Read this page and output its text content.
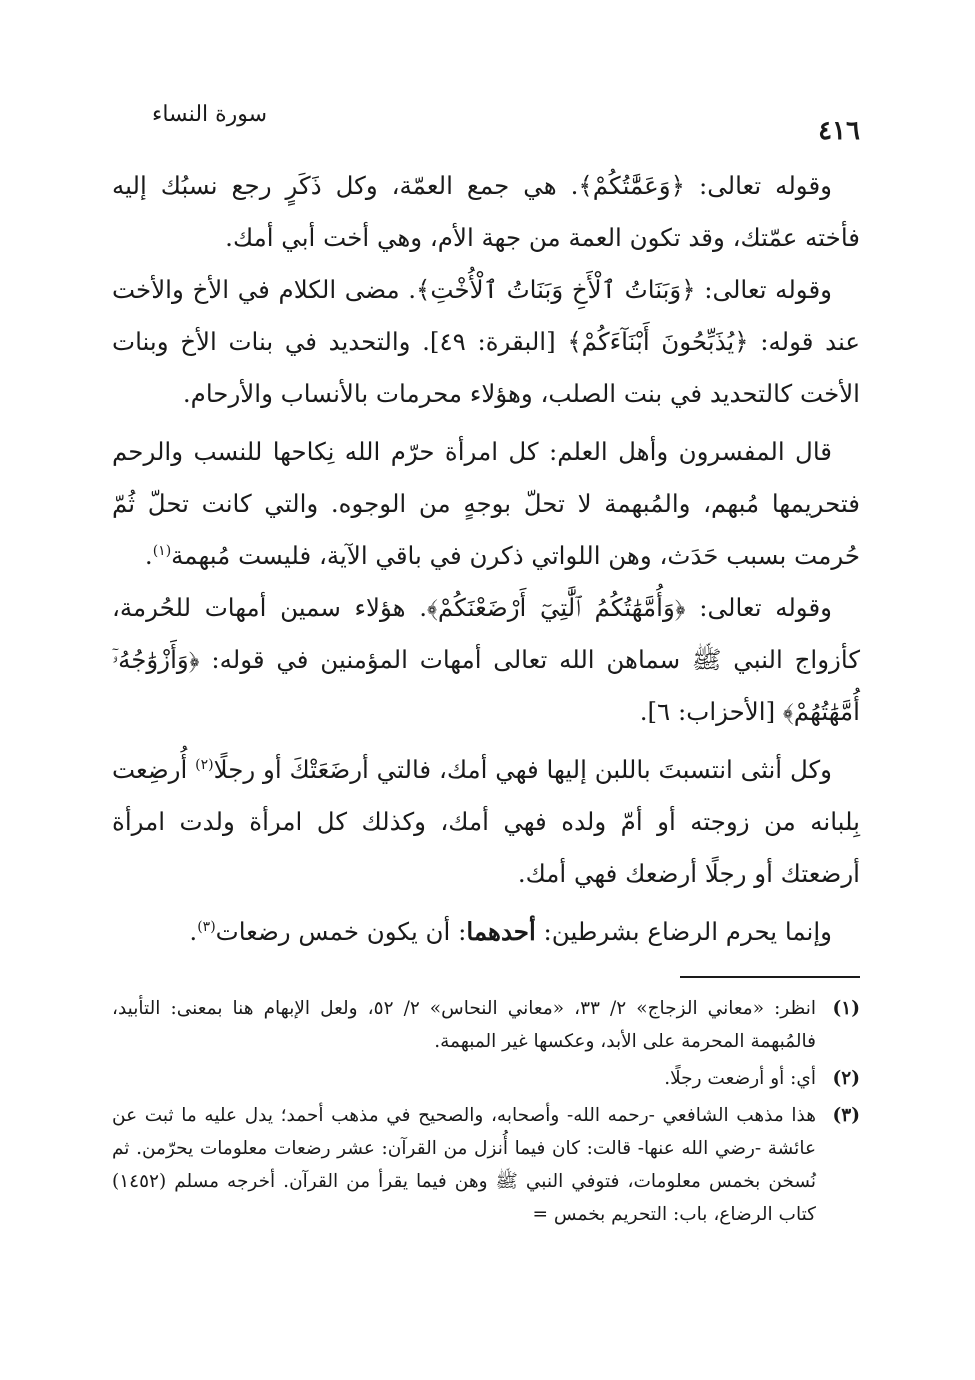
٤١٦
سورة النساء

وقوله تعالى: ﴿وَعَمَّٰتُكُمْ﴾. هي جمع العمّة، وكل ذَكَرٍ رجع نسبُك إليه فأخته عمّتك، وقد تكون العمة من جهة الأم، وهي أخت أبي أمك.

وقوله تعالى: ﴿وَبَنَاتُ ٱلْأَخِ وَبَنَاتُ ٱلْأُخْتِ﴾. مضى الكلام في الأخ والأخت عند قوله: ﴿يُذَبِّحُونَ أَبْنَآءَكُمْ﴾ [البقرة: ٤٩]. والتحديد في بنات الأخ وبنات الأخت كالتحديد في بنت الصلب، وهؤلاء محرمات بالأنساب والأرحام.

قال المفسرون وأهل العلم: كل امرأة حرّم الله نِكاحها للنسب والرحم فتحريمها مُبهم، والمُبهمة لا تحلّ بوجهٍ من الوجوه. والتي كانت تحلّ ثُمّ حُرمت بسبب حَدَث، وهن اللواتي ذكرن في باقي الآية، فليست مُبهمة$^{(١)}$.

وقوله تعالى: ﴿وَأُمَّهَٰتُكُمُ ٱلَّٰتِيٓ أَرْضَعْنَكُمْ﴾. هؤلاء سمين أمهات للحُرمة، كأزواج النبي ﷺ سماهن الله تعالى أمهات المؤمنين في قوله: ﴿وَأَزْوَٰجُهُۥٓ أُمَّهَٰتُهُمْ﴾ [الأحزاب: ٦].

وكل أنثى انتسبتَ باللبن إليها فهي أمك، فالتي أرضَعَتْكَ أو رجلًا$^{(٢)}$ أُرضِعت بِلبانه من زوجته أو أمّ ولده فهي أمك، وكذلك كل امرأة ولدت امرأة أرضعتك أو رجلًا أرضعك فهي أمك.

وإنما يحرم الرضاع بشرطين: أحدهما: أن يكون خمس رضعات$^{(٣)}$.

(١)
انظر: «معاني الزجاج» ٢/ ٣٣، «معاني النحاس» ٢/ ٥٢، ولعل الإبهام هنا بمعنى: التأبيد، فالمُبهمة المحرمة على الأبد، وعكسها غير المبهمة.
(٢)
أي: أو أرضعت رجلًا.
(٣)
هذا مذهب الشافعي -رحمه الله- وأصحابه، والصحيح في مذهب أحمد؛ يدل عليه ما ثبت عن عائشة -رضي الله عنها- قالت: كان فيما أُنزل من القرآن: عشر رضعات معلومات يحرّمن. ثم نُسخن بخمس معلومات، فتوفي النبي ﷺ وهن فيما يقرأ من القرآن. أخرجه مسلم (١٤٥٢) كتاب الرضاع، باب: التحريم بخمس =
